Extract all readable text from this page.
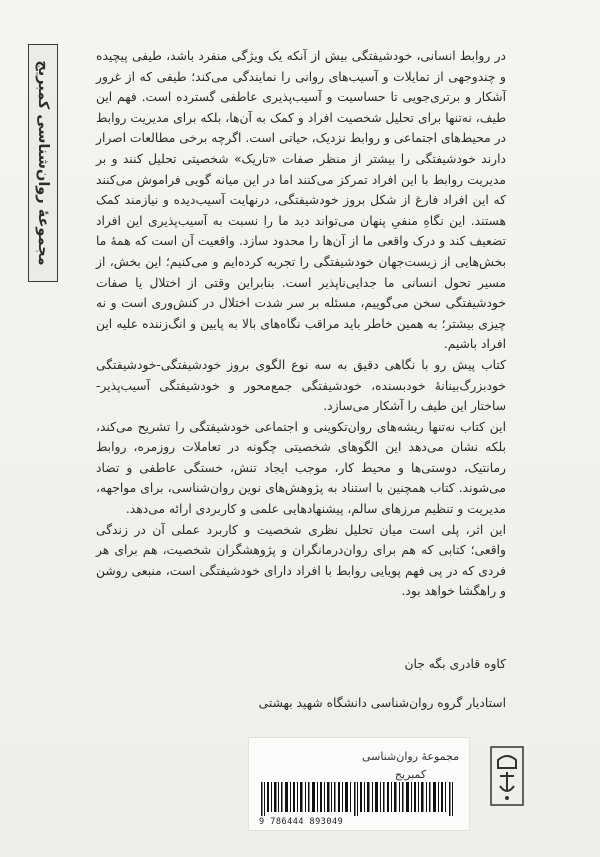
مجموعهٔ روان‌شناسی کمبریج

در روابط انسانی، خودشیفتگی بیش از آنکه یک ویژگی منفرد باشد، طیفی پیچیده و چندوجهی از تمایلات و آسیب‌های روانی را نمایندگی می‌کند؛ طیفی که از غرور آشکار و برتری‌جویی تا حساسیت و آسیب‌پذیری عاطفی گسترده است. فهم این طیف، نه‌تنها برای تحلیل شخصیت افراد و کمک به آن‌ها، بلکه برای مدیریت روابط در محیط‌های اجتماعی و روابط نزدیک، حیاتی است. اگرچه برخی مطالعات اصرار دارند خودشیفتگی را بیشتر از منظر صفات «تاریک» شخصیتی تحلیل کنند و بر مدیریت روابط با این افراد تمرکز می‌کنند اما در این میانه گویی فراموش می‌کنند که این افراد فارغ از شکل بروز خودشیفتگی، درنهایت آسیب‌دیده و نیازمند کمک هستند. این نگاهِ منفیِ پنهان می‌تواند دید ما را نسبت به آسیب‌پذیری این افراد تضعیف کند و درک واقعی ما از آن‌ها را محدود سازد. واقعیت آن است که همهٔ ما بخش‌هایی از زیست‌جهان خودشیفتگی را تجربه کرده‌ایم و می‌کنیم؛ این بخش، از مسیر تحول انسانی ما جدایی‌ناپذیر است. بنابراین وقتی از اختلال یا صفات خودشیفتگی سخن می‌گوییم، مسئله بر سر شدت اختلال در کنش‌وری است و نه چیزی بیشتر؛ به همین خاطر باید مراقب نگاه‌های بالا به پایین و انگ‌زننده علیه این افراد باشیم.

کتاب پیش رو با نگاهی دقیق به سه نوع الگوی بروز خودشیفتگی-خودشیفتگی خودبزرگ‌بینانهٔ خودبسنده، خودشیفتگی جمع‌محور و خودشیفتگی آسیب‌پذیر-ساختار این طیف را آشکار می‌سازد.

این کتاب نه‌تنها ریشه‌های روان‌تکوینی و اجتماعی خودشیفتگی را تشریح می‌کند، بلکه نشان می‌دهد این الگوهای شخصیتی چگونه در تعاملات روزمره، روابط رمانتیک، دوستی‌ها و محیط کار، موجب ایجاد تنش، خستگی عاطفی و تضاد می‌شوند. کتاب همچنین با استناد به پژوهش‌های نوین روان‌شناسی، برای مواجهه، مدیریت و تنظیم مرزهای سالم، پیشنهادهایی علمی و کاربردی ارائه می‌دهد.

این اثر، پلی است میان تحلیل نظری شخصیت و کاربرد عملی آن در زندگی واقعی؛ کتابی که هم برای روان‌درمانگران و پژوهشگران شخصیت، هم برای هر فردی که در پی فهم پویایی روابط با افراد دارای خودشیفتگی است، منبعی روشن و راهگشا خواهد بود.

کاوه قادری بگه جان
استادیار گروه روان‌شناسی دانشگاه شهید بهشتی
مجموعهٔ روان‌شناسی
کمبریج
9 786444 893049
